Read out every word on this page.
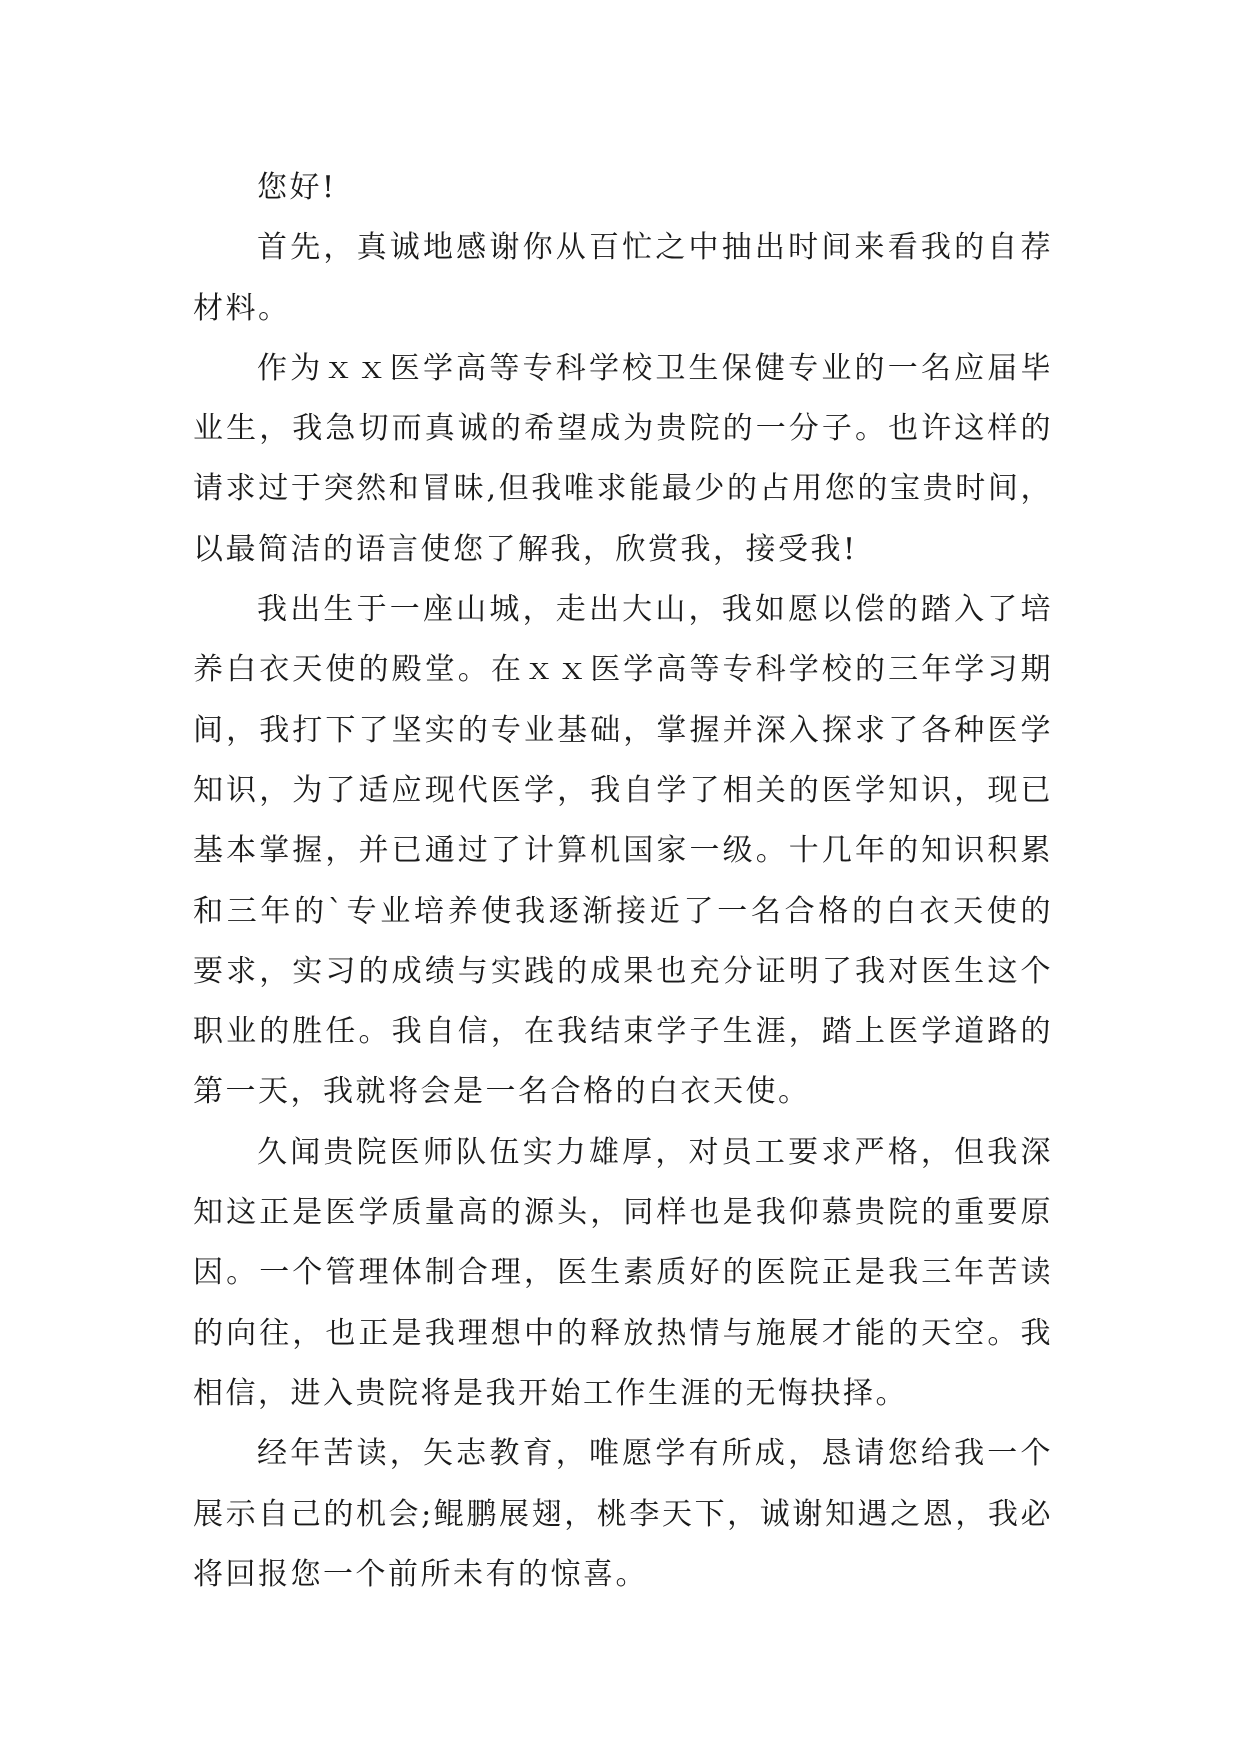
您好!

首先，真诚地感谢你从百忙之中抽出时间来看我的自荐材料。

作为ｘｘ医学高等专科学校卫生保健专业的一名应届毕业生，我急切而真诚的希望成为贵院的一分子。也许这样的请求过于突然和冒昧,但我唯求能最少的占用您的宝贵时间，以最简洁的语言使您了解我，欣赏我，接受我!

我出生于一座山城，走出大山，我如愿以偿的踏入了培养白衣天使的殿堂。在ｘｘ医学高等专科学校的三年学习期间，我打下了坚实的专业基础，掌握并深入探求了各种医学知识，为了适应现代医学，我自学了相关的医学知识，现已基本掌握，并已通过了计算机国家一级。十几年的知识积累和三年的`专业培养使我逐渐接近了一名合格的白衣天使的要求，实习的成绩与实践的成果也充分证明了我对医生这个职业的胜任。我自信，在我结束学子生涯，踏上医学道路的第一天，我就将会是一名合格的白衣天使。

久闻贵院医师队伍实力雄厚，对员工要求严格，但我深知这正是医学质量高的源头，同样也是我仰慕贵院的重要原因。一个管理体制合理，医生素质好的医院正是我三年苦读的向往，也正是我理想中的释放热情与施展才能的天空。我相信，进入贵院将是我开始工作生涯的无悔抉择。

经年苦读，矢志教育，唯愿学有所成，恳请您给我一个展示自己的机会;鲲鹏展翅，桃李天下，诚谢知遇之恩，我必将回报您一个前所未有的惊喜。
